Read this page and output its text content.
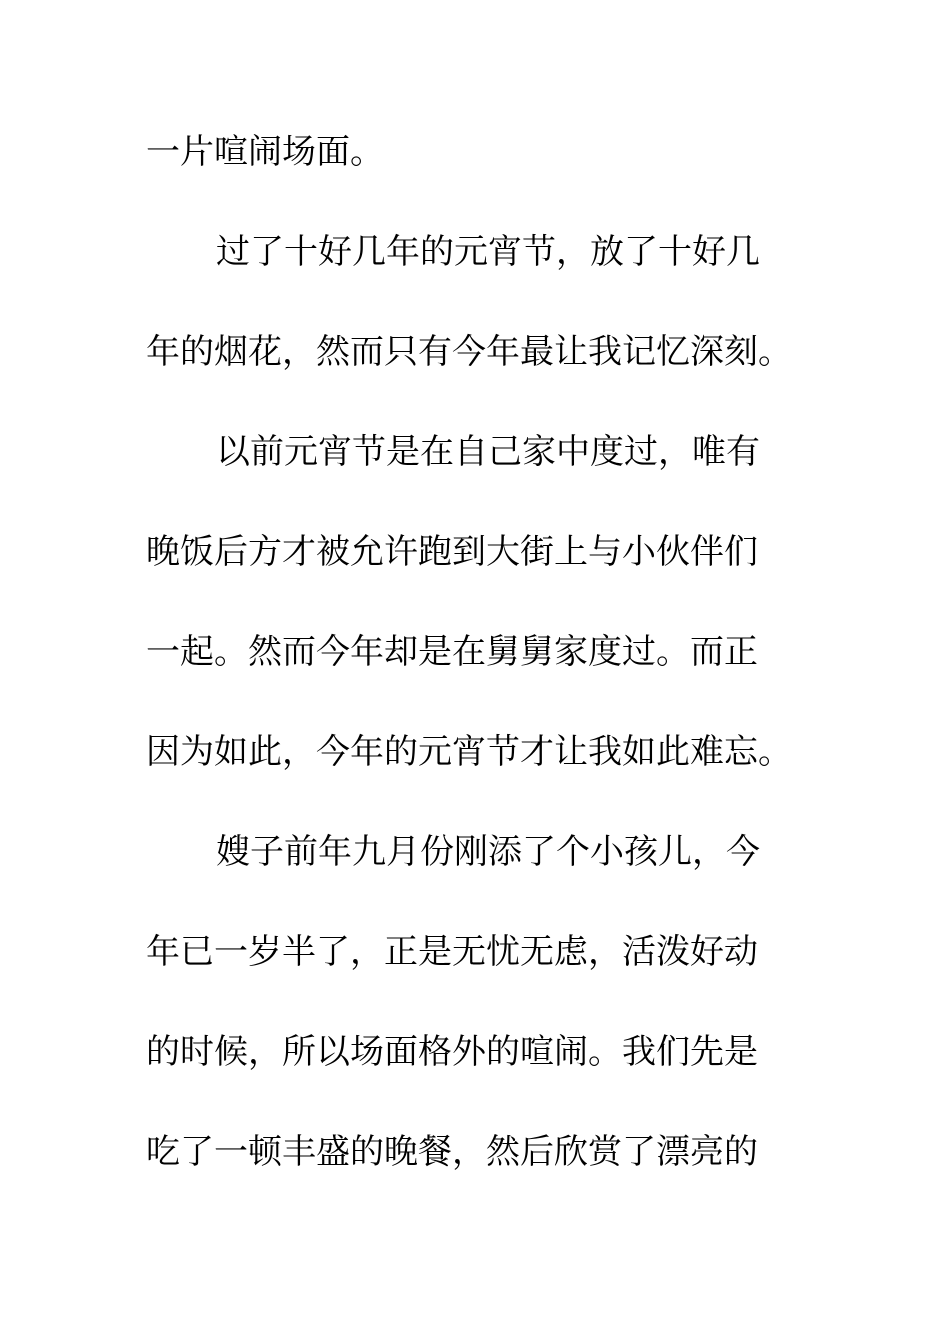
一片喧闹场面。

过了十好几年的元宵节，放了十好几

年的烟花，然而只有今年最让我记忆深刻。

以前元宵节是在自己家中度过，唯有

晚饭后方才被允许跑到大街上与小伙伴们

一起。然而今年却是在舅舅家度过。而正

因为如此，今年的元宵节才让我如此难忘。

嫂子前年九月份刚添了个小孩儿，今

年已一岁半了，正是无忧无虑，活泼好动

的时候，所以场面格外的喧闹。我们先是

吃了一顿丰盛的晚餐，然后欣赏了漂亮的
